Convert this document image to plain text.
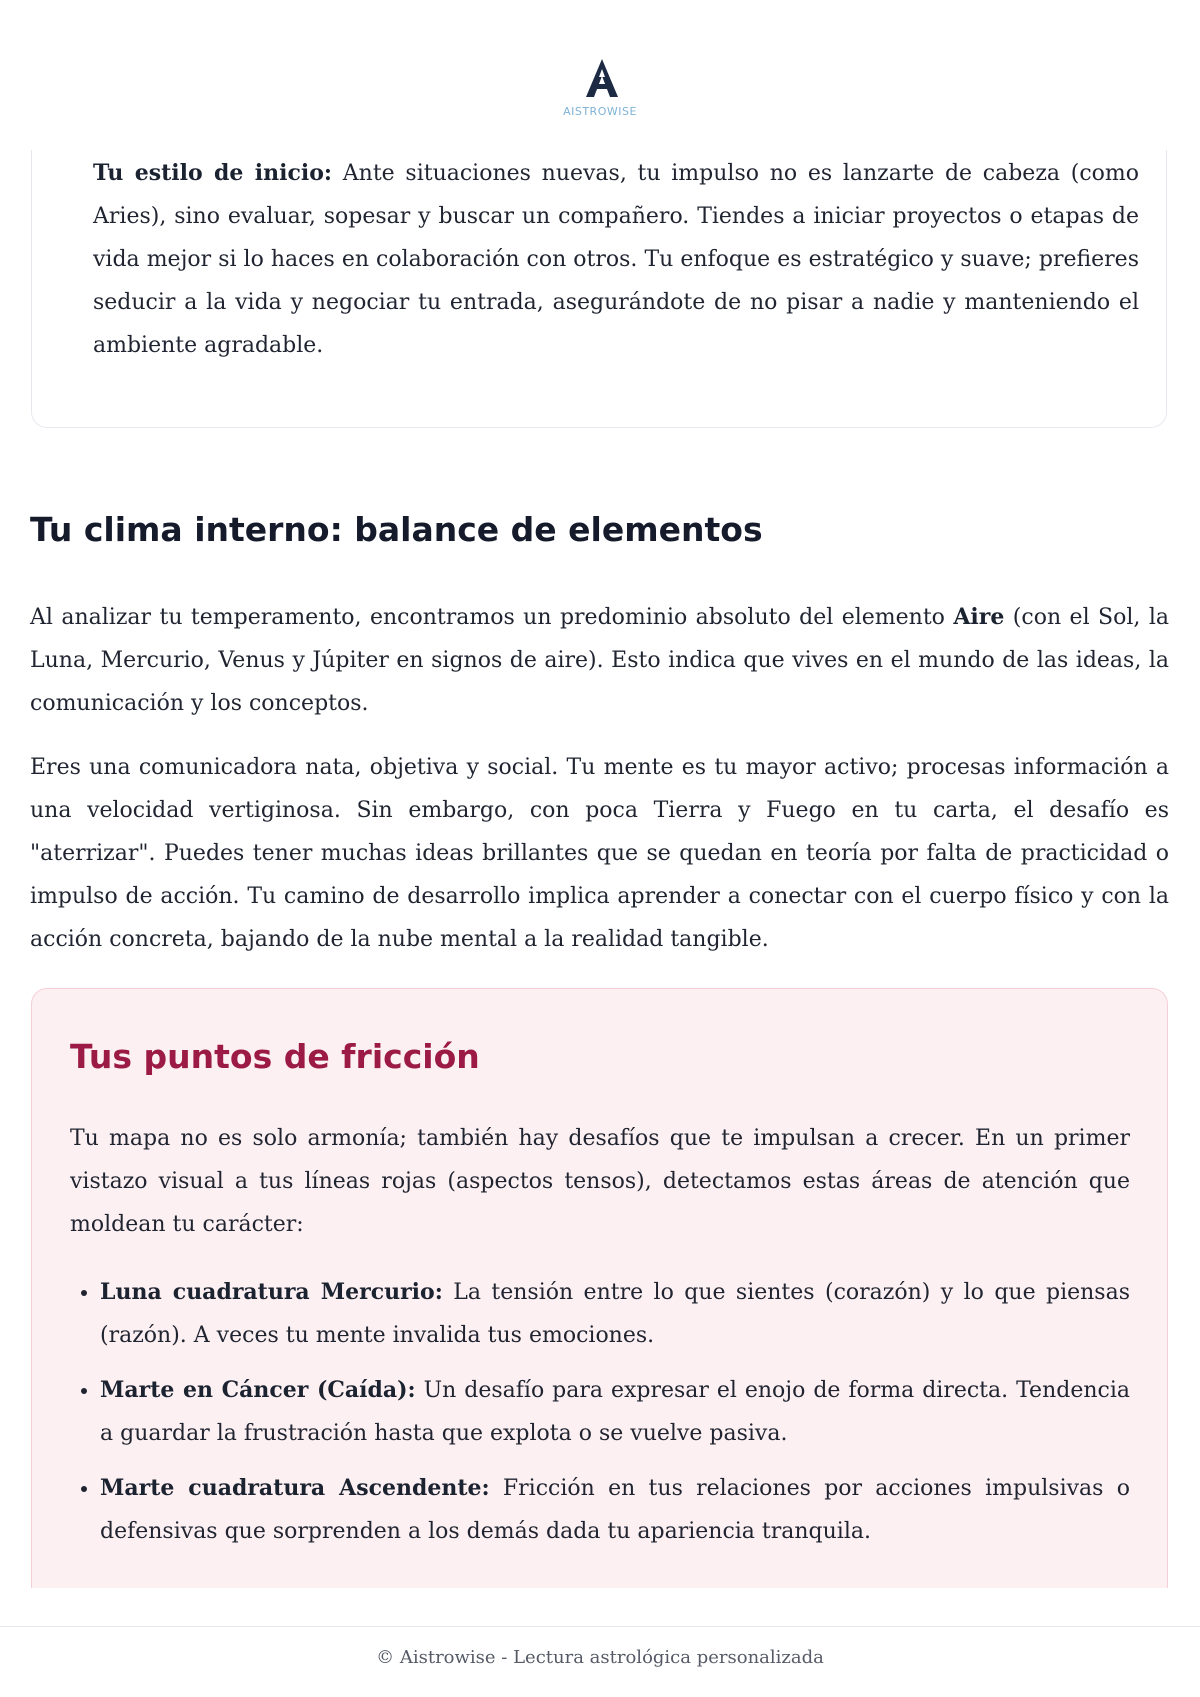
AISTROWISE

Tu estilo de inicio: Ante situaciones nuevas, tu impulso no es lanzarte de cabeza (como Aries), sino evaluar, sopesar y buscar un compañero. Tiendes a iniciar proyectos o etapas de vida mejor si lo haces en colaboración con otros. Tu enfoque es estratégico y suave; prefieres seducir a la vida y negociar tu entrada, asegurándote de no pisar a nadie y manteniendo el ambiente agradable.

Tu clima interno: balance de elementos

Al analizar tu temperamento, encontramos un predominio absoluto del elemento Aire (con el Sol, la Luna, Mercurio, Venus y Júpiter en signos de aire). Esto indica que vives en el mundo de las ideas, la comunicación y los conceptos.

Eres una comunicadora nata, objetiva y social. Tu mente es tu mayor activo; procesas información a una velocidad vertiginosa. Sin embargo, con poca Tierra y Fuego en tu carta, el desafío es "aterrizar". Puedes tener muchas ideas brillantes que se quedan en teoría por falta de practicidad o impulso de acción. Tu camino de desarrollo implica aprender a conectar con el cuerpo físico y con la acción concreta, bajando de la nube mental a la realidad tangible.

Tus puntos de fricción

Tu mapa no es solo armonía; también hay desafíos que te impulsan a crecer. En un primer vistazo visual a tus líneas rojas (aspectos tensos), detectamos estas áreas de atención que moldean tu carácter:

• Luna cuadratura Mercurio: La tensión entre lo que sientes (corazón) y lo que piensas (razón). A veces tu mente invalida tus emociones.
• Marte en Cáncer (Caída): Un desafío para expresar el enojo de forma directa. Tendencia a guardar la frustración hasta que explota o se vuelve pasiva.
• Marte cuadratura Ascendente: Fricción en tus relaciones por acciones impulsivas o defensivas que sorprenden a los demás dada tu apariencia tranquila.
© Aistrowise - Lectura astrológica personalizada
